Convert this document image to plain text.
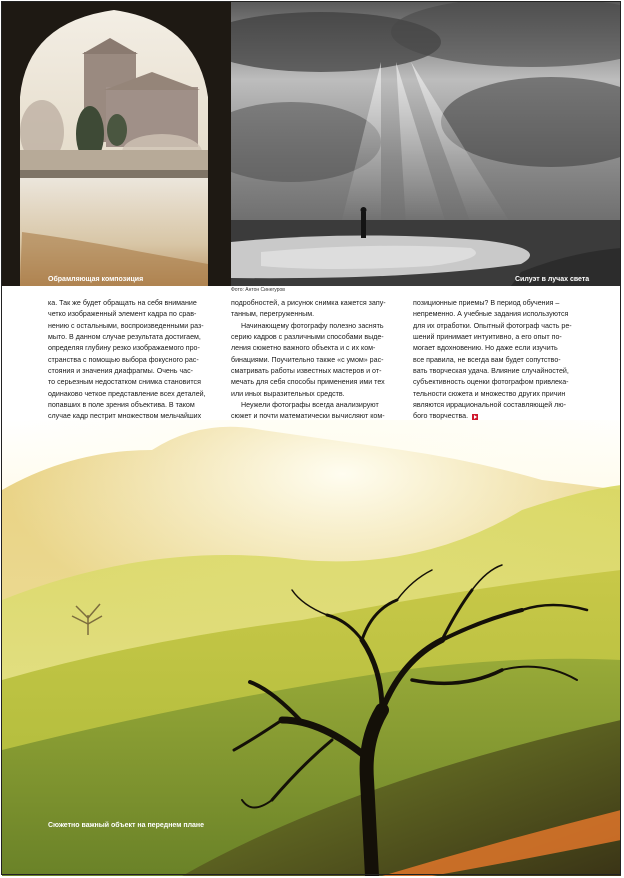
Обрамляющая композиция	Силуэт в лучах света
Фото: Антон Синегуров

ка. Так же будет обращать на себя внимание
четко изображенный элемент кадра по срав-
нению с остальными, воспроизведенными раз-
мыто. В данном случае результата достигаем,
определяя глубину резко изображаемого про-
странства с помощью выбора фокусного рас-
стояния и значения диафрагмы. Очень час-
то серьезным недостатком снимка становится
одинаково четкое представление всех деталей,
попавших в поле зрения объектива. В таком
случае кадр пестрит множеством мельчайших

подробностей, а рисунок снимка кажется запу-
танным, перегруженным.

Начинающему фотографу полезно заснять
серию кадров с различными способами выде-
ления сюжетно важного объекта и с их ком-
бинациями. Поучительно также «с умом» рас-
сматривать работы известных мастеров и от-
мечать для себя способы применения ими тех
или иных выразительных средств.

Неужели фотографы всегда анализируют
сюжет и почти математически вычисляют ком-

позиционные приемы? В период обучения –
непременно. А учебные задания используются
для их отработки. Опытный фотограф часть ре-
шений принимает интуитивно, а его опыт по-
могает вдохновению. Но даже если изучить
все правила, не всегда вам будет сопутство-
вать творческая удача. Влияние случайностей,
субъективность оценки фотографом привлека-
тельности сюжета и множество других причин
являются иррациональной составляющей лю-
бого творчества.

Сюжетно важный объект на переднем плане
